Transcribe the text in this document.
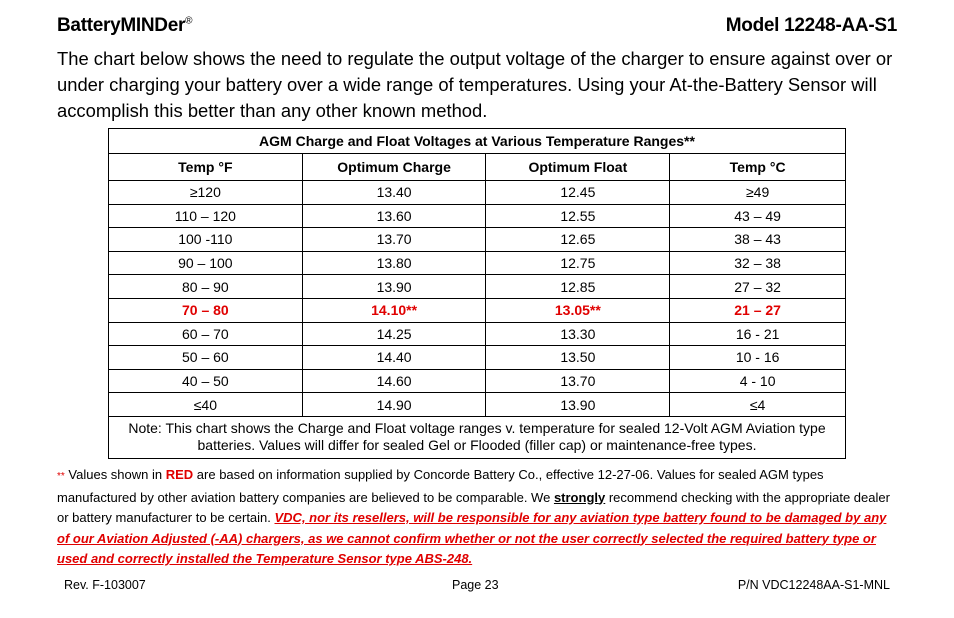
BatteryMINDer®	Model 12248-AA-S1
The chart below shows the need to regulate the output voltage of the charger to ensure against over or under charging your battery over a wide range of temperatures. Using your At-the-Battery Sensor will accomplish this better than any other known method.
AGM Charge and Float Voltages at Various Temperature Ranges**			
Temp °F	Optimum Charge	Optimum Float	Temp °C
≥120	13.40	12.45	≥49
110 – 120	13.60	12.55	43 – 49
100 -110	13.70	12.65	38 – 43
90 – 100	13.80	12.75	32 – 38
80 – 90	13.90	12.85	27 – 32
70 – 80	14.10**	13.05**	21 – 27
60 – 70	14.25	13.30	16 - 21
50 – 60	14.40	13.50	10 - 16
40 – 50	14.60	13.70	4 - 10
≤40	14.90	13.90	≤4
Note: This chart shows the Charge and Float voltage ranges v. temperature for sealed 12-Volt AGM Aviation type batteries. Values will differ for sealed Gel or Flooded (filler cap) or maintenance-free types.			
** Values shown in RED are based on information supplied by Concorde Battery Co., effective 12-27-06. Values for sealed AGM types manufactured by other aviation battery companies are believed to be comparable. We strongly recommend checking with the appropriate dealer or battery manufacturer to be certain. VDC, nor its resellers, will be responsible for any aviation type battery found to be damaged by any of our Aviation Adjusted (-AA) chargers, as we cannot confirm whether or not the user correctly selected the required battery type or used and correctly installed the Temperature Sensor type ABS-248.
Rev. F-103007	Page 23	P/N VDC12248AA-S1-MNL
